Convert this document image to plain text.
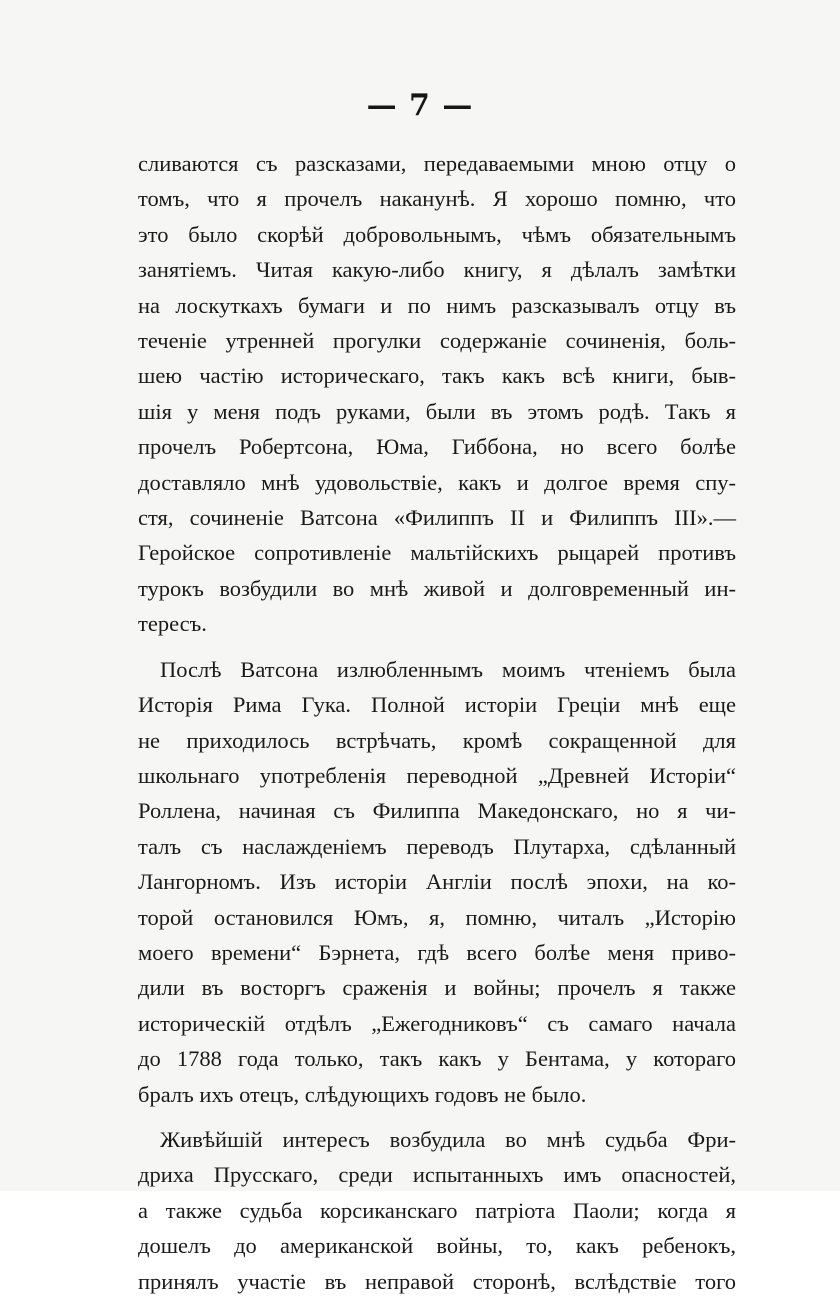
— 7 —
сливаются съ разсказами, передаваемыми мною отцу о
томъ, что я прочелъ наканунѣ. Я хорошо помню, что
это было скорѣй добровольнымъ, чѣмъ обязательнымъ
занятіемъ. Читая какую-либо книгу, я дѣлалъ замѣтки
на лоскуткахъ бумаги и по нимъ разсказывалъ отцу въ
теченіе утренней прогулки содержаніе сочиненія, боль-
шею частію историческаго, такъ какъ всѣ книги, быв-
шія у меня подъ руками, были въ этомъ родѣ. Такъ я
прочелъ Робертсона, Юма, Гиббона, но всего болѣе
доставляло мнѣ удовольствіе, какъ и долгое время спу-
стя, сочиненіе Ватсона «Филиппъ II и Филиппъ III».—
Геройское сопротивленіе мальтійскихъ рыцарей противъ
турокъ возбудили во мнѣ живой и долговременный ин-
тересъ.
Послѣ Ватсона излюбленнымъ моимъ чтеніемъ была
Исторія Рима Гука. Полной исторіи Греціи мнѣ еще
не приходилось встрѣчать, кромѣ сокращенной для
школьнаго употребленія переводной „Древней Исторіи“
Роллена, начиная съ Филиппа Македонскаго, но я чи-
талъ съ наслажденіемъ переводъ Плутарха, сдѣланный
Лангорномъ. Изъ исторіи Англіи послѣ эпохи, на ко-
торой остановился Юмъ, я, помню, читалъ „Исторію
моего времени“ Бэрнета, гдѣ всего болѣе меня приво-
дили въ восторгъ сраженія и войны; прочелъ я также
историческій отдѣлъ „Ежегодниковъ“ съ самаго начала
до 1788 года только, такъ какъ у Бентама, у котораго
бралъ ихъ отецъ, слѣдующихъ годовъ не было.
Живѣйшій интересъ возбудила во мнѣ судьба Фри-
дриха Прусскаго, среди испытанныхъ имъ опасностей,
а также судьба корсиканскаго патріота Паоли; когда я
дошелъ до американской войны, то, какъ ребенокъ,
принялъ участіе въ неправой сторонѣ, вслѣдствіе того
